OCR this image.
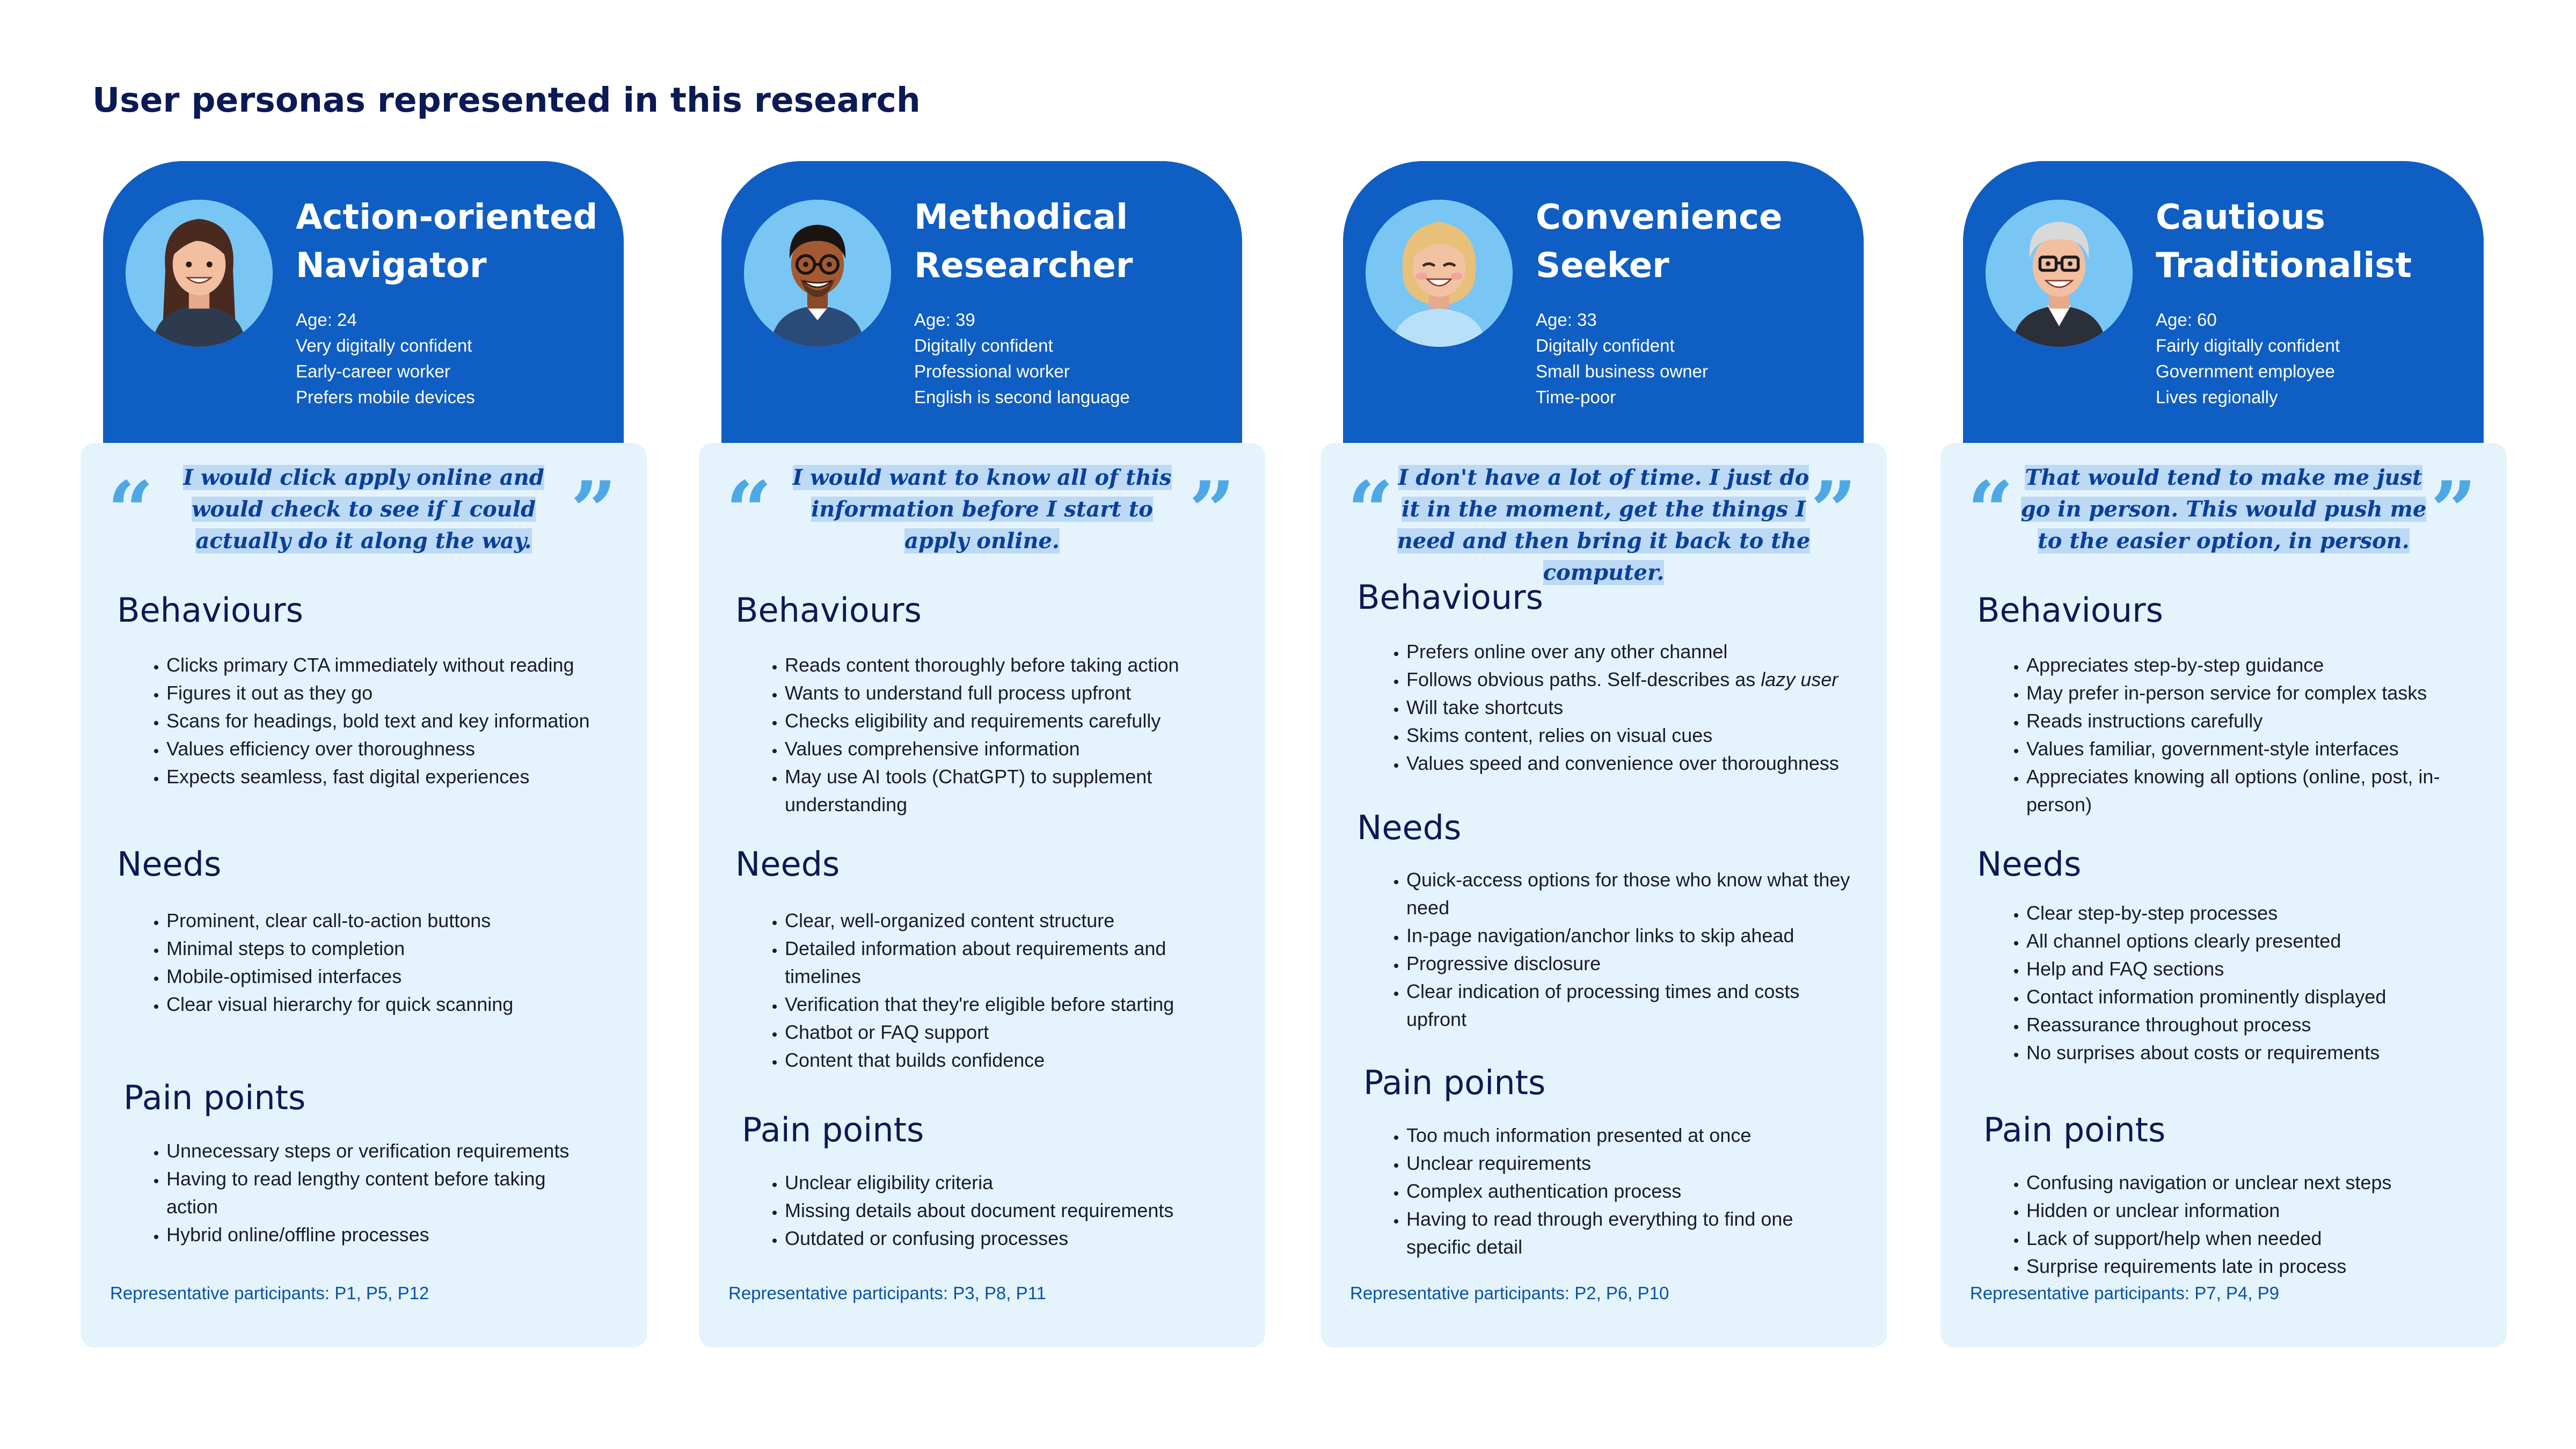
User personas represented in this research
Action-oriented Navigator
Age: 24
Very digitally confident
Early-career worker
Prefers mobile devices
“	”

I would click apply online and would check to see if I could actually do it along the way.

Behaviours
• Clicks primary CTA immediately without reading
• Figures it out as they go
• Scans for headings, bold text and key information
• Values efficiency over thoroughness
• Expects seamless, fast digital experiences
Needs
• Prominent, clear call-to-action buttons
• Minimal steps to completion
• Mobile-optimised interfaces
• Clear visual hierarchy for quick scanning
Pain points
• Unnecessary steps or verification requirements
• Having to read lengthy content before taking action
• Hybrid online/offline processes

Representative participants: P1, P5, P12

Methodical Researcher
Age: 39
Digitally confident
Professional worker
English is second language
“	”

I would want to know all of this information before I start to apply online.

Behaviours
• Reads content thoroughly before taking action
• Wants to understand full process upfront
• Checks eligibility and requirements carefully
• Values comprehensive information
• May use AI tools (ChatGPT) to supplement understanding
Needs
• Clear, well-organized content structure
• Detailed information about requirements and timelines
• Verification that they're eligible before starting
• Chatbot or FAQ support
• Content that builds confidence
Pain points
• Unclear eligibility criteria
• Missing details about document requirements
• Outdated or confusing processes

Representative participants: P3, P8, P11

Convenience Seeker
Age: 33
Digitally confident
Small business owner
Time-poor
“	”

I don't have a lot of time. I just do it in the moment, get the things I need and then bring it back to the computer.

Behaviours
• Prefers online over any other channel
• Follows obvious paths. Self-describes as lazy user
• Will take shortcuts
• Skims content, relies on visual cues
• Values speed and convenience over thoroughness
Needs
• Quick-access options for those who know what they need
• In-page navigation/anchor links to skip ahead
• Progressive disclosure
• Clear indication of processing times and costs upfront
Pain points
• Too much information presented at once
• Unclear requirements
• Complex authentication process
• Having to read through everything to find one specific detail

Representative participants: P2, P6, P10

Cautious Traditionalist
Age: 60
Fairly digitally confident
Government employee
Lives regionally
“	”

That would tend to make me just go in person. This would push me to the easier option, in person.

Behaviours
• Appreciates step-by-step guidance
• May prefer in-person service for complex tasks
• Reads instructions carefully
• Values familiar, government-style interfaces
• Appreciates knowing all options (online, post, in-person)
Needs
• Clear step-by-step processes
• All channel options clearly presented
• Help and FAQ sections
• Contact information prominently displayed
• Reassurance throughout process
• No surprises about costs or requirements
Pain points
• Confusing navigation or unclear next steps
• Hidden or unclear information
• Lack of support/help when needed
• Surprise requirements late in process

Representative participants: P7, P4, P9
